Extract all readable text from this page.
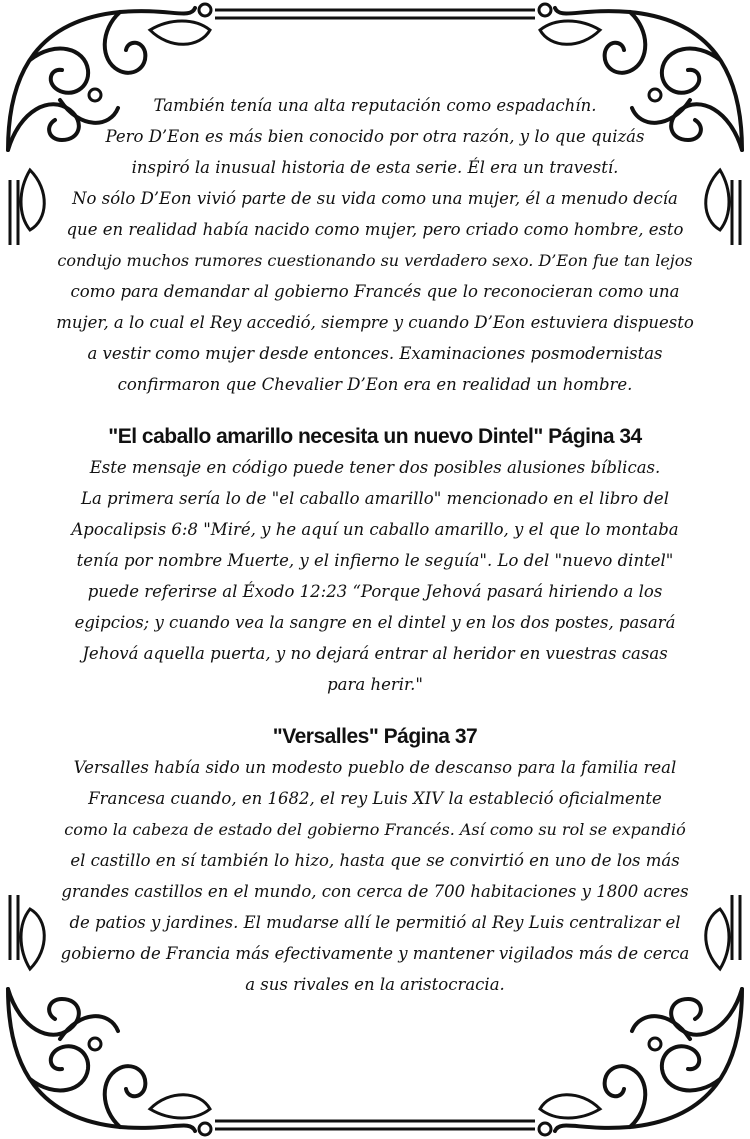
También tenía una alta reputación como espadachín.

Pero D’Eon es más bien conocido por otra razón, y lo que quizás

inspiró la inusual historia de esta serie. Él era un travestí.

No sólo D’Eon vivió parte de su vida como una mujer, él a menudo decía

que en realidad había nacido como mujer, pero criado como hombre, esto

condujo muchos rumores cuestionando su verdadero sexo. D’Eon fue tan lejos

como para demandar al gobierno Francés que lo reconocieran como una

mujer, a lo cual el Rey accedió, siempre y cuando D’Eon estuviera dispuesto

a vestir como mujer desde entonces. Examinaciones posmodernistas

confirmaron que Chevalier D’Eon era en realidad un hombre.

"El caballo amarillo necesita un nuevo Dintel" Página 34

Este mensaje en código puede tener dos posibles alusiones bíblicas.

La primera sería lo de "el caballo amarillo" mencionado en el libro del

Apocalipsis 6:8 "Miré, y he aquí un caballo amarillo, y el que lo montaba

tenía por nombre Muerte, y el infierno le seguía". Lo del "nuevo dintel"

puede referirse al Éxodo 12:23 “Porque Jehová pasará hiriendo a los

egipcios; y cuando vea la sangre en el dintel y en los dos postes, pasará

Jehová aquella puerta, y no dejará entrar al heridor en vuestras casas

para herir."

"Versalles" Página 37

Versalles había sido un modesto pueblo de descanso para la familia real

Francesa cuando, en 1682, el rey Luis XIV la estableció oficialmente

como la cabeza de estado del gobierno Francés. Así como su rol se expandió

el castillo en sí también lo hizo, hasta que se convirtió en uno de los más

grandes castillos en el mundo, con cerca de 700 habitaciones y 1800 acres

de patios y jardines. El mudarse allí le permitió al Rey Luis centralizar el

gobierno de Francia más efectivamente y mantener vigilados más de cerca

a sus rivales en la aristocracia.
